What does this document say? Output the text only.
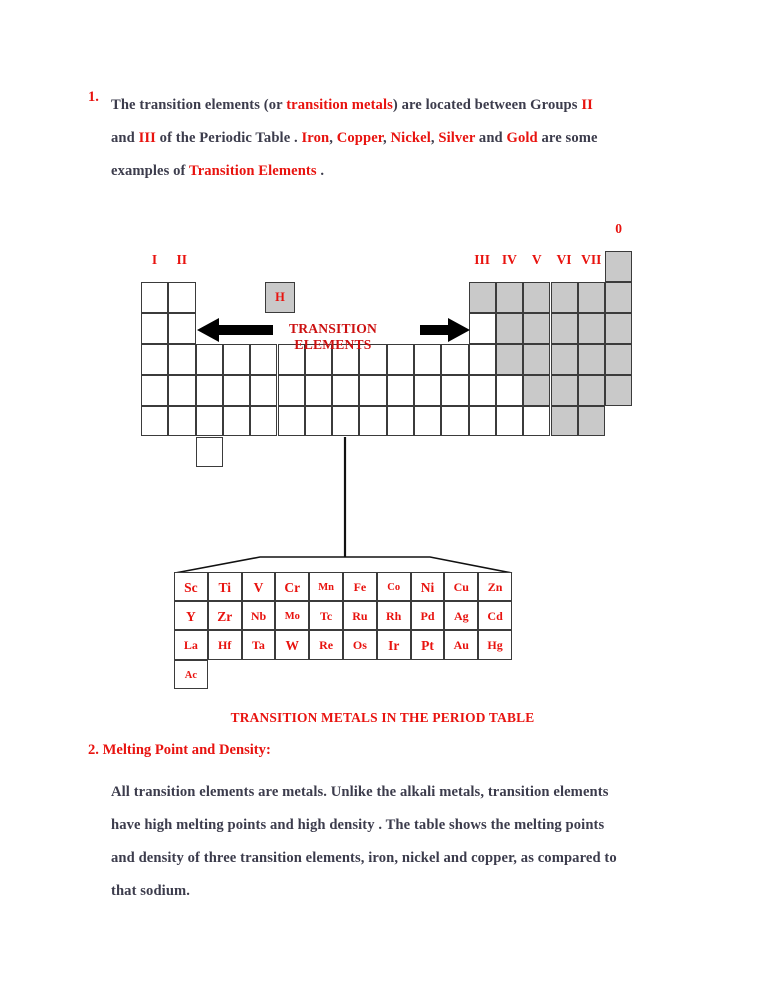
1. The transition elements (or transition metals) are located between Groups II
and III of the Periodic Table . Iron, Copper, Nickel, Silver and Gold are some
examples of Transition Elements .
I	II	III IV	V	VI VII
0
H
TRANSITION ELEMENTS
Sc	Ti	V	Cr	Mn	Fe	Co	Ni	Cu	Zn
Y	Zr	Nb	Mo	Tc	Ru	Rh	Pd	Ag	Cd
La	Hf	Ta	W	Re	Os	Ir	Pt	Au	Hg
Ac
TRANSITION METALS IN THE PERIOD TABLE
2. Melting Point and Density:
All transition elements are metals. Unlike the alkali metals, transition elements
have high melting points and high density . The table shows the melting points
and density of three transition elements, iron, nickel and copper, as compared to
that sodium.
